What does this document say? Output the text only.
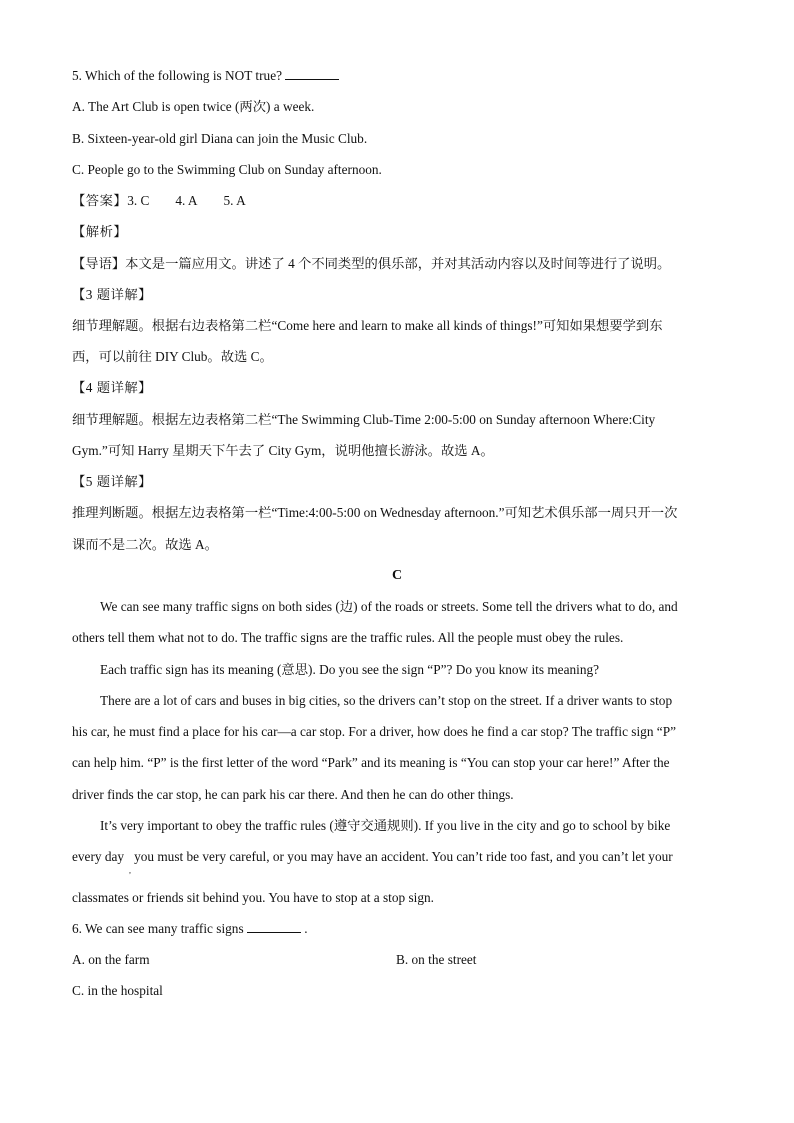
5. Which of the following is NOT true?
A. The Art Club is open twice (两次) a week.
B. Sixteen-year-old girl Diana can join the Music Club.
C. People go to the Swimming Club on Sunday afternoon.
【答案】3. C 4. A 5. A
【解析】
【导语】本文是一篇应用文。讲述了 4 个不同类型的俱乐部，并对其活动内容以及时间等进行了说明。
【3 题详解】
细节理解题。根据右边表格第二栏“Come here and learn to make all kinds of things!”可知如果想要学到东
西，可以前往 DIY Club。故选 C。
【4 题详解】
细节理解题。根据左边表格第二栏“The Swimming Club-Time 2:00-5:00 on Sunday afternoon Where:City
Gym.”可知 Harry 星期天下午去了 City Gym，说明他擅长游泳。故选 A。
【5 题详解】
推理判断题。根据左边表格第一栏“Time:4:00-5:00 on Wednesday afternoon.”可知艺术俱乐部一周只开一次
课而不是二次。故选 A。
C
We can see many traffic signs on both sides (边) of the roads or streets. Some tell the drivers what to do, and
others tell them what not to do. The traffic signs are the traffic rules. All the people must obey the rules.
Each traffic sign has its meaning (意思). Do you see the sign “P”? Do you know its meaning?
There are a lot of cars and buses in big cities, so the drivers can’t stop on the street. If a driver wants to stop
his car, he must find a place for his car—a car stop. For a driver, how does he find a car stop? The traffic sign “P”
can help him. “P” is the first letter of the word “Park” and its meaning is “You can stop your car here!” After the
driver finds the car stop, he can park his car there. And then he can do other things.
It’s very important to obey the traffic rules (遵守交通规则). If you live in the city and go to school by bike
every day you must be very careful, or you may have an accident. You can’t ride too fast, and you can’t let your
,
classmates or friends sit behind you. You have to stop at a stop sign.
6. We can see many traffic signs	.
A. on the farm	B. on the street
C. in the hospital
